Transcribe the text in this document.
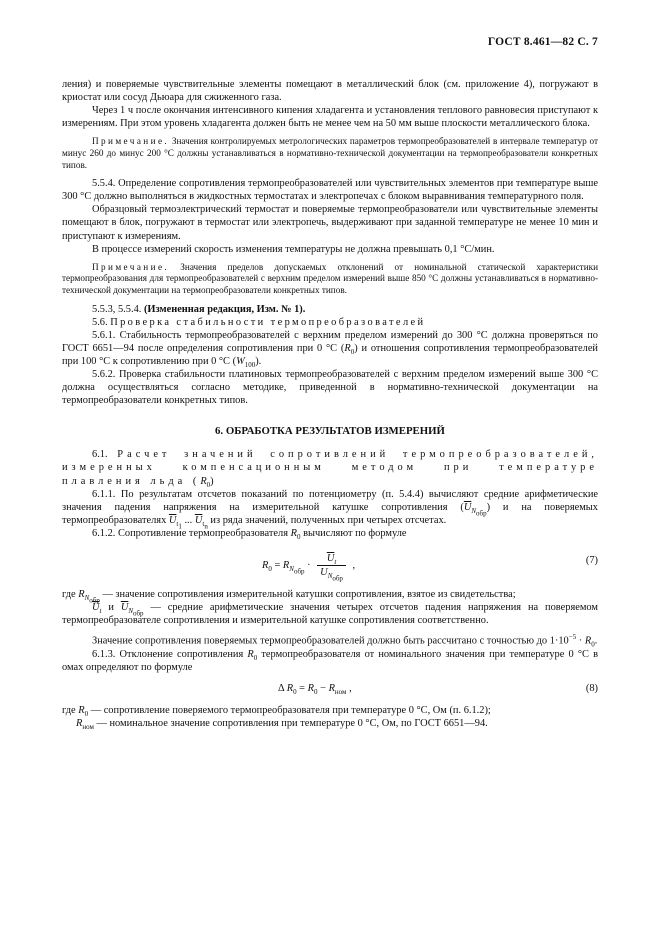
ГОСТ 8.461—82 С. 7

ления) и поверяемые чувствительные элементы помещают в металлический блок (см. приложение 4), погружают в криостат или сосуд Дьюара для сжиженного газа.

Через 1 ч после окончания интенсивного кипения хладагента и установления теплового равновесия приступают к измерениям. При этом уровень хладагента должен быть не менее чем на 50 мм выше плоскости металлического блока.

Примечание. Значения контролируемых метрологических параметров термопреобразователей в интервале температур от минус 260 до минус 200 °С должны устанавливаться в нормативно-технической документации на термопреобразователи конкретных типов.

5.5.4. Определение сопротивления термопреобразователей или чувствительных элементов при температуре выше 300 °С должно выполняться в жидкостных термостатах и электропечах с блоком выравнивания температурного поля.

Образцовый термоэлектрический термостат и поверяемые термопреобразователи или чувствительные элементы помещают в блок, погружают в термостат или электропечь, выдерживают при заданной температуре не менее 10 мин и приступают к измерениям.

В процессе измерений скорость изменения температуры не должна превышать 0,1 °С/мин.

Примечание. Значения пределов допускаемых отклонений от номинальной статической характеристики термопреобразования для термопреобразователей с верхним пределом измерений выше 850 °С должны устанавливаться в нормативно-технической документации на термопреобразователи конкретных типов.

5.5.3, 5.5.4. (Измененная редакция, Изм. № 1).

5.6. Проверка стабильности термопреобразователей

5.6.1. Стабильность термопреобразователей с верхним пределом измерений до 300 °С должна проверяться по ГОСТ 6651—94 после определения сопротивления при 0 °С $(R_0)$ и отношения сопротивления термопреобразователей при 100 °С к сопротивлению при 0 °С $(W_{100})$.

5.6.2. Проверка стабильности платиновых термопреобразователей с верхним пределом измерений выше 300 °С должна осуществляться согласно методике, приведенной в нормативно-технической документации на термопреобразователи конкретных типов.

6. ОБРАБОТКА РЕЗУЛЬТАТОВ ИЗМЕРЕНИЙ

6.1. Расчет значений сопротивлений термопреобразователей, измеренных компенсационным методом при температуре плавления льда $(R_0)$

6.1.1. По результатам отсчетов показаний по потенциометру (п. 5.4.4) вычисляют средние арифметические значения падения напряжения на измерительной катушке сопротивления $(\overline{U}_{N_{обр}})$ и на поверяемых термопреобразователях $\overline{U}_{t_1}$ ... $\overline{U}_{t_n}$ из ряда значений, полученных при четырех отсчетах.

6.1.2. Сопротивление термопреобразователя $R_0$ вычисляют по формуле

$R_0 = R_{N_{обр}} \cdot \frac{\overline{U}_t}{U_{N_{обр}}}$ ,	(7)

где $R_{N_{обр}}$ — значение сопротивления измерительной катушки сопротивления, взятое из свидетельства;

$\overline{U}_t$ и $\overline{U}_{N_{обр}}$ — средние арифметические значения четырех отсчетов падения напряжения на поверяемом термопреобразователе сопротивления и измерительной катушке сопротивления соответственно.

Значение сопротивления поверяемых термопреобразователей должно быть рассчитано с точностью до $1\cdot 10^{-5} \cdot R_0$.

6.1.3. Отклонение сопротивления $R_0$ термопреобразователя от номинального значения при температуре 0 °С в омах определяют по формуле

Δ $R_0 = R_0 - R_{ном}$ ,	(8)

где $R_0$ — сопротивление поверяемого термопреобразователя при температуре 0 °С, Ом (п. 6.1.2);

$R_{ном}$ — номинальное значение сопротивления при температуре 0 °С, Ом, по ГОСТ 6651—94.
